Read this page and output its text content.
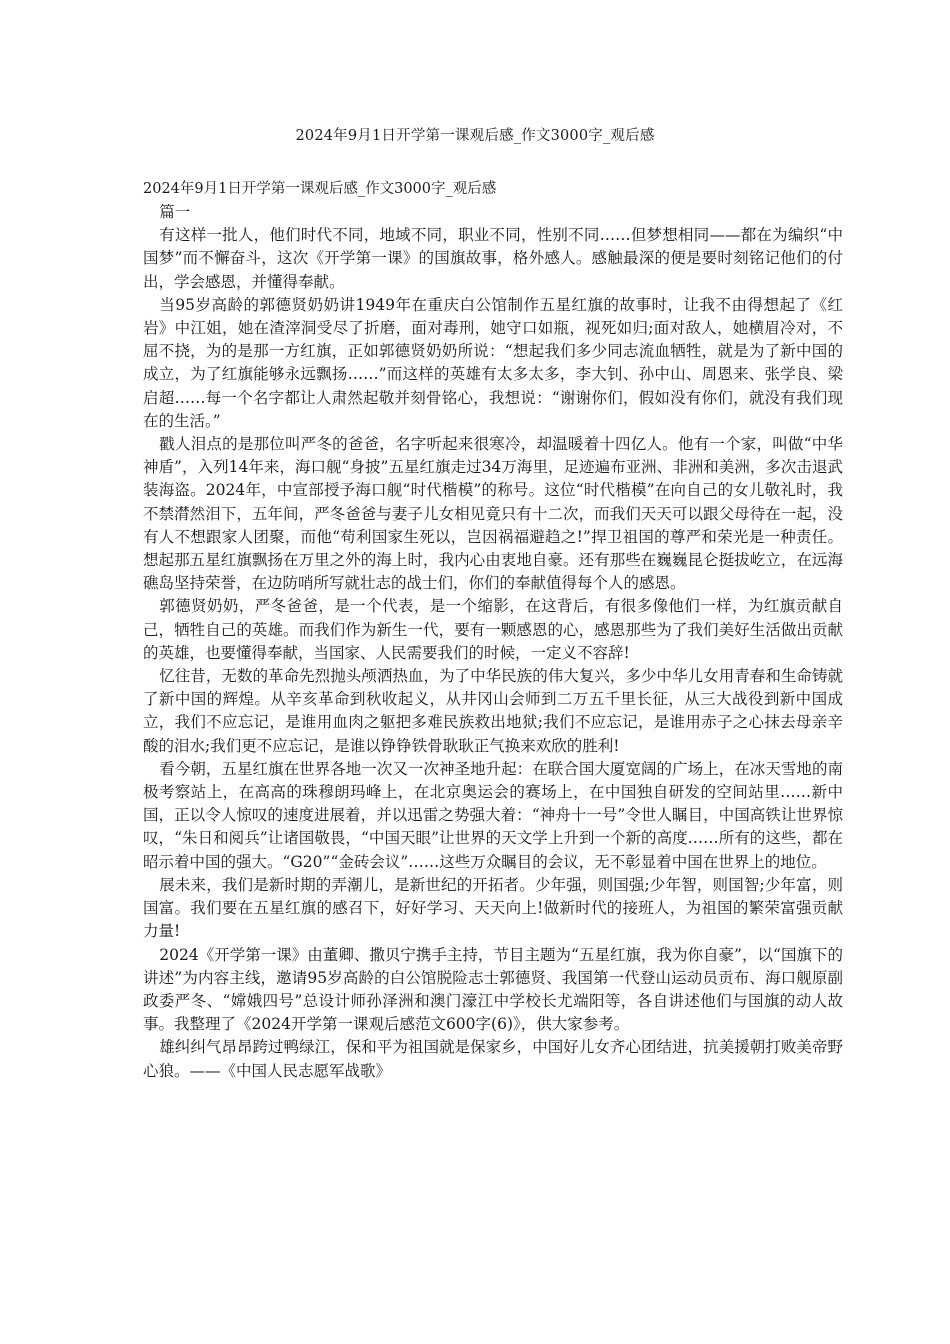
2024年9月1日开学第一课观后感_作文3000字_观后感

2024年9月1日开学第一课观后感_作文3000字_观后感

篇一

有这样一批人，他们时代不同，地域不同，职业不同，性别不同……但梦想相同——都在为编织“中国梦”而不懈奋斗，这次《开学第一课》的国旗故事，格外感人。感触最深的便是要时刻铭记他们的付出，学会感恩，并懂得奉献。

当95岁高龄的郭德贤奶奶讲1949年在重庆白公馆制作五星红旗的故事时，让我不由得想起了《红岩》中江姐，她在渣滓洞受尽了折磨，面对毒刑，她守口如瓶，视死如归;面对敌人，她横眉冷对，不屈不挠，为的是那一方红旗，正如郭德贤奶奶所说：“想起我们多少同志流血牺牲，就是为了新中国的成立，为了红旗能够永远飘扬……”而这样的英雄有太多太多，李大钊、孙中山、周恩来、张学良、梁启超……每一个名字都让人肃然起敬并刻骨铭心，我想说：“谢谢你们，假如没有你们，就没有我们现在的生活。”

戳人泪点的是那位叫严冬的爸爸，名字听起来很寒冷，却温暖着十四亿人。他有一个家，叫做“中华神盾”，入列14年来，海口舰“身披”五星红旗走过34万海里，足迹遍布亚洲、非洲和美洲，多次击退武装海盗。2024年，中宣部授予海口舰“时代楷模”的称号。这位“时代楷模”在向自己的女儿敬礼时，我不禁潸然泪下，五年间，严冬爸爸与妻子儿女相见竟只有十二次，而我们天天可以跟父母待在一起，没有人不想跟家人团聚，而他“苟利国家生死以，岂因祸福避趋之!”捍卫祖国的尊严和荣光是一种责任。想起那五星红旗飘扬在万里之外的海上时，我内心由衷地自豪。还有那些在巍巍昆仑挺拔屹立，在远海礁岛坚持荣誉，在边防哨所写就壮志的战士们，你们的奉献值得每个人的感恩。

郭德贤奶奶，严冬爸爸，是一个代表，是一个缩影，在这背后，有很多像他们一样，为红旗贡献自己，牺牲自己的英雄。而我们作为新生一代，要有一颗感恩的心，感恩那些为了我们美好生活做出贡献的英雄，也要懂得奉献，当国家、人民需要我们的时候，一定义不容辞!

忆往昔，无数的革命先烈抛头颅洒热血，为了中华民族的伟大复兴，多少中华儿女用青春和生命铸就了新中国的辉煌。从辛亥革命到秋收起义，从井冈山会师到二万五千里长征，从三大战役到新中国成立，我们不应忘记，是谁用血肉之躯把多难民族救出地狱;我们不应忘记，是谁用赤子之心抹去母亲辛酸的泪水;我们更不应忘记，是谁以铮铮铁骨耿耿正气换来欢欣的胜利!

看今朝，五星红旗在世界各地一次又一次神圣地升起：在联合国大厦宽阔的广场上，在冰天雪地的南极考察站上，在高高的珠穆朗玛峰上，在北京奥运会的赛场上，在中国独自研发的空间站里……新中国，正以令人惊叹的速度进展着，并以迅雷之势强大着：“神舟十一号”令世人瞩目，中国高铁让世界惊叹，“朱日和阅兵”让诸国敬畏，“中国天眼”让世界的天文学上升到一个新的高度……所有的这些，都在昭示着中国的强大。“G20”“金砖会议”……这些万众瞩目的会议，无不彰显着中国在世界上的地位。

展未来，我们是新时期的弄潮儿，是新世纪的开拓者。少年强，则国强;少年智，则国智;少年富，则国富。我们要在五星红旗的感召下，好好学习、天天向上!做新时代的接班人，为祖国的繁荣富强贡献力量!

2024《开学第一课》由董卿、撒贝宁携手主持，节目主题为“五星红旗，我为你自豪”，以“国旗下的讲述”为内容主线，邀请95岁高龄的白公馆脱险志士郭德贤、我国第一代登山运动员贡布、海口舰原副政委严冬、“嫦娥四号”总设计师孙泽洲和澳门濠江中学校长尤端阳等，各自讲述他们与国旗的动人故事。我整理了《2024开学第一课观后感范文600字(6)》，供大家参考。

雄纠纠气昂昂跨过鸭绿江，保和平为祖国就是保家乡，中国好儿女齐心团结进，抗美援朝打败美帝野心狼。——《中国人民志愿军战歌》
